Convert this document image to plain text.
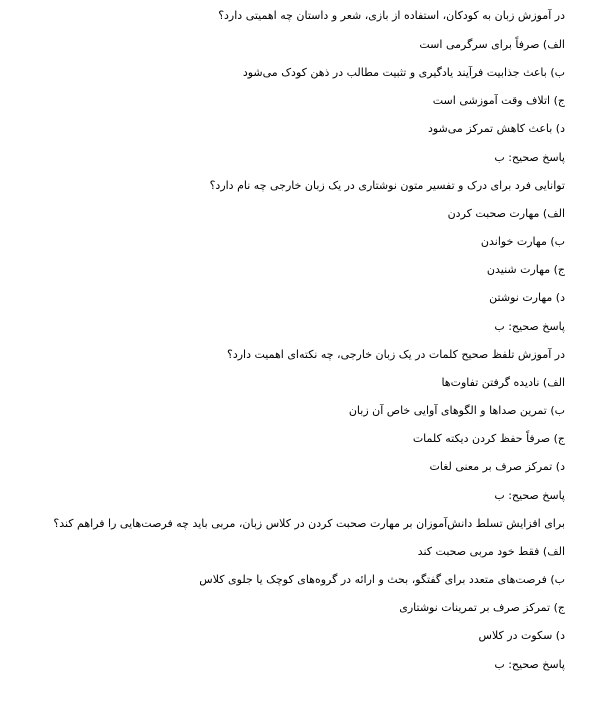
در آموزش زبان به کودکان، استفاده از بازی، شعر و داستان چه اهمیتی دارد؟
الف) صرفاً برای سرگرمی است
ب) باعث جذابیت فرآیند یادگیری و تثبیت مطالب در ذهن کودک می‌شود
ج) اتلاف وقت آموزشی است
د) باعث کاهش تمرکز می‌شود
پاسخ صحیح: ب
توانایی فرد برای درک و تفسیر متون نوشتاری در یک زبان خارجی چه نام دارد؟
الف) مهارت صحبت کردن
ب) مهارت خواندن
ج) مهارت شنیدن
د) مهارت نوشتن
پاسخ صحیح: ب
در آموزش تلفظ صحیح کلمات در یک زبان خارجی، چه نکته‌ای اهمیت دارد؟
الف) نادیده گرفتن تفاوت‌ها
ب) تمرین صداها و الگوهای آوایی خاص آن زبان
ج) صرفاً حفظ کردن دیکته کلمات
د) تمرکز صرف بر معنی لغات
پاسخ صحیح: ب
برای افزایش تسلط دانش‌آموزان بر مهارت صحبت کردن در کلاس زبان، مربی باید چه فرصت‌هایی را فراهم کند؟
الف) فقط خود مربی صحبت کند
ب) فرصت‌های متعدد برای گفتگو، بحث و ارائه در گروه‌های کوچک یا جلوی کلاس
ج) تمرکز صرف بر تمرینات نوشتاری
د) سکوت در کلاس
پاسخ صحیح: ب
